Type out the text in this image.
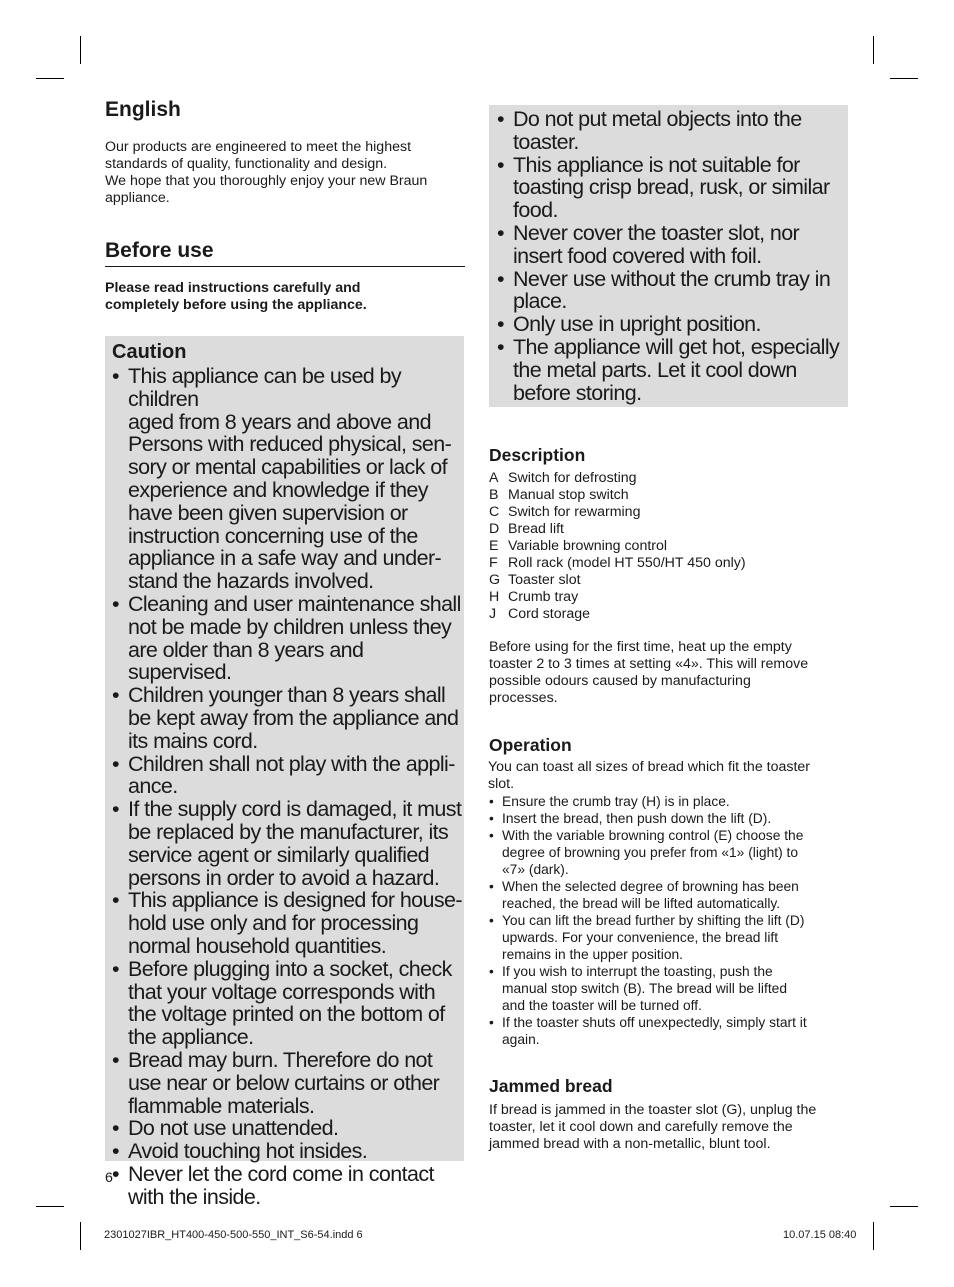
English

Our products are engineered to meet the highest

standards of quality, functionality and design.

We hope that you thoroughly enjoy your new Braun

appliance.

Before use

Please read instructions carefully and

completely before using the appliance.

Caution
• This appliance can be used by children
aged from 8 years and above and
Persons with reduced physical, sen-
sory or mental capabilities or lack of
experience and knowledge if they
have been given supervision or
instruction concerning use of the
appliance in a safe way and under-
stand the hazards involved.
• Cleaning and user maintenance shall
not be made by children unless they
are older than 8 years and supervised.
• Children younger than 8 years shall
be kept away from the appliance and
its mains cord.
• Children shall not play with the appli-
ance.
• If the supply cord is damaged, it must
be replaced by the manufacturer, its
service agent or similarly qualified
persons in order to avoid a hazard.
• This appliance is designed for house-
hold use only and for processing
normal household quantities.
• Before plugging into a socket, check
that your voltage corresponds with
the voltage printed on the bottom of
the appliance.
• Bread may burn. Therefore do not
use near or below curtains or other
flammable materials.
• Do not use unattended.
• Avoid touching hot insides.
• Never let the cord come in contact
with the inside.
6
• Do not put metal objects into the
toaster.
• This appliance is not suitable for
toasting crisp bread, rusk, or similar
food.
• Never cover the toaster slot, nor
insert food covered with foil.
• Never use without the crumb tray in
place.
• Only use in upright position.
• The appliance will get hot, especially
the metal parts. Let it cool down
before storing.
Description
A Switch for defrosting
B Manual stop switch
C Switch for rewarming
D Bread lift
E Variable browning control
F Roll rack (model HT 550/HT 450 only)
G Toaster slot
H Crumb tray
J Cord storage

Before using for the first time, heat up the empty

toaster 2 to 3 times at setting «4». This will remove

possible odours caused by manufacturing

processes.

Operation

You can toast all sizes of bread which fit the toaster

slot.

• Ensure the crumb tray (H) is in place.
• Insert the bread, then push down the lift (D).
• With the variable browning control (E) choose the
degree of browning you prefer from «1» (light) to
«7» (dark).
• When the selected degree of browning has been
reached, the bread will be lifted automatically.
• You can lift the bread further by shifting the lift (D)
upwards. For your convenience, the bread lift
remains in the upper position.
• If you wish to interrupt the toasting, push the
manual stop switch (B). The bread will be lifted
and the toaster will be turned off.
• If the toaster shuts off unexpectedly, simply start it
again.
Jammed bread

If bread is jammed in the toaster slot (G), unplug the

toaster, let it cool down and carefully remove the

jammed bread with a non-metallic, blunt tool.

2301027IBR_HT400-450-500-550_INT_S6-54.indd 6	10.07.15 08:40
